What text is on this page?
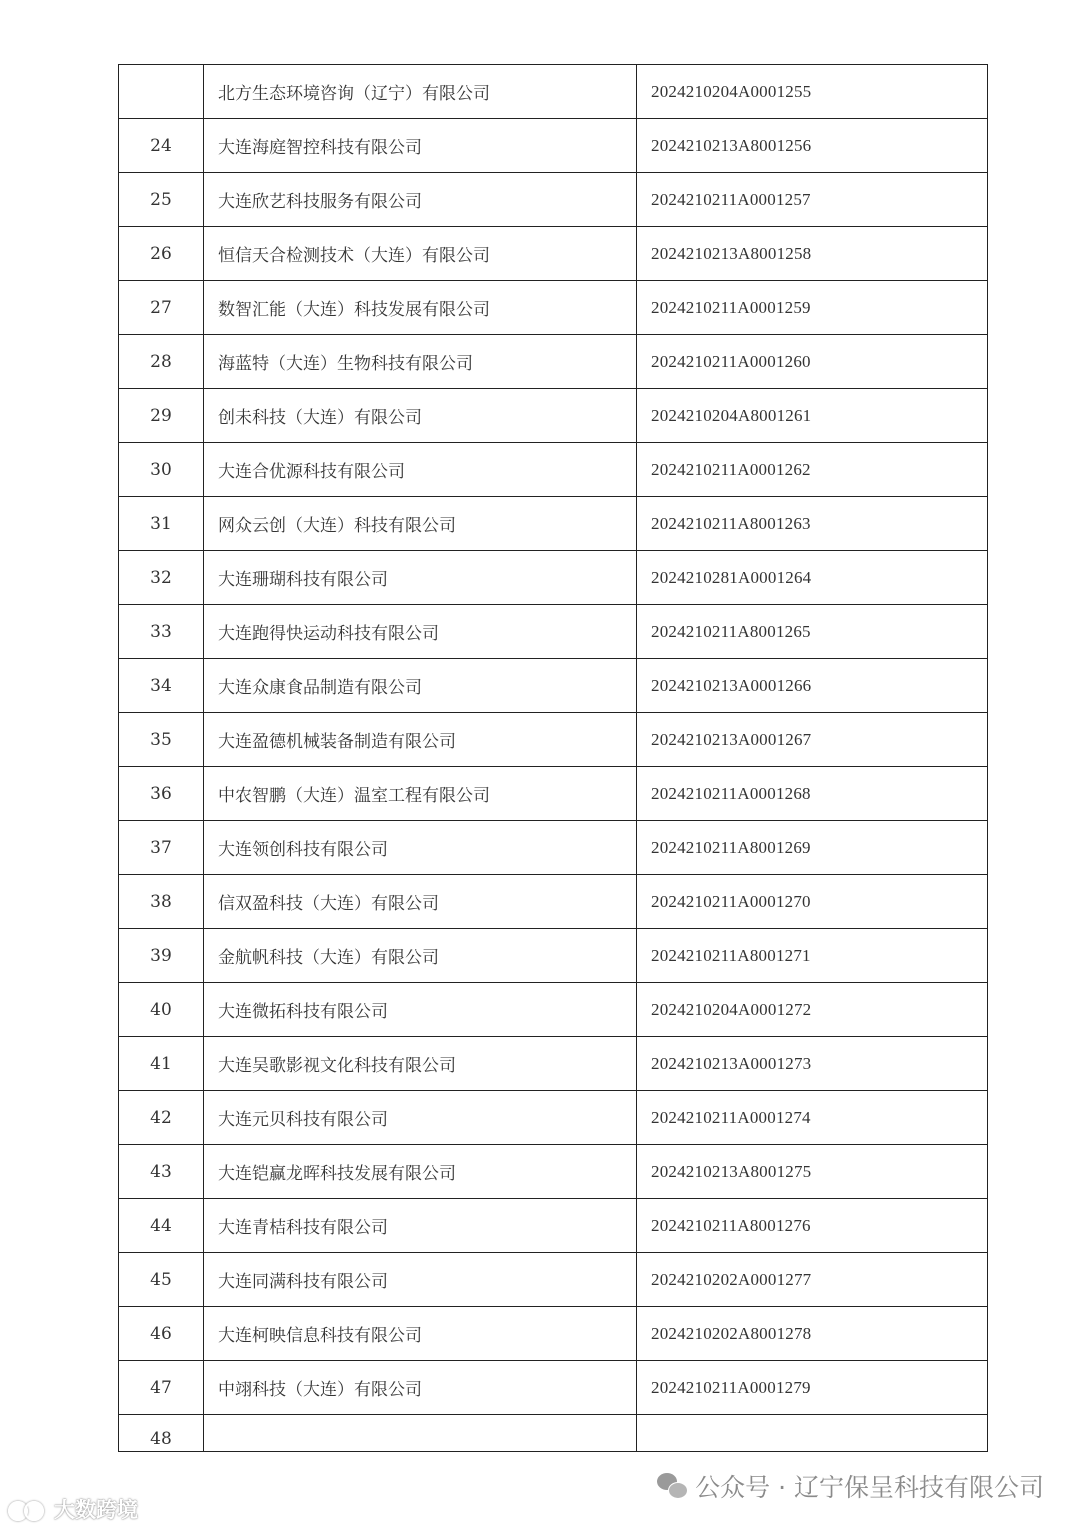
	北方生态环境咨询（辽宁）有限公司	2024210204A0001255
24	大连海庭智控科技有限公司	2024210213A8001256
25	大连欣艺科技服务有限公司	2024210211A0001257
26	恒信天合检测技术（大连）有限公司	2024210213A8001258
27	数智汇能（大连）科技发展有限公司	2024210211A0001259
28	海蓝特（大连）生物科技有限公司	2024210211A0001260
29	创未科技（大连）有限公司	2024210204A8001261
30	大连合优源科技有限公司	2024210211A0001262
31	网众云创（大连）科技有限公司	2024210211A8001263
32	大连珊瑚科技有限公司	2024210281A0001264
33	大连跑得快运动科技有限公司	2024210211A8001265
34	大连众康食品制造有限公司	2024210213A0001266
35	大连盈德机械装备制造有限公司	2024210213A0001267
36	中农智鹏（大连）温室工程有限公司	2024210211A0001268
37	大连领创科技有限公司	2024210211A8001269
38	信双盈科技（大连）有限公司	2024210211A0001270
39	金航帆科技（大连）有限公司	2024210211A8001271
40	大连微拓科技有限公司	2024210204A0001272
41	大连吴歌影视文化科技有限公司	2024210213A0001273
42	大连元贝科技有限公司	2024210211A0001274
43	大连铠赢龙晖科技发展有限公司	2024210213A8001275
44	大连青桔科技有限公司	2024210211A8001276
45	大连同满科技有限公司	2024210202A0001277
46	大连柯映信息科技有限公司	2024210202A8001278
47	中翊科技（大连）有限公司	2024210211A0001279
48		
公众号 · 辽宁保呈科技有限公司
大数跨境
